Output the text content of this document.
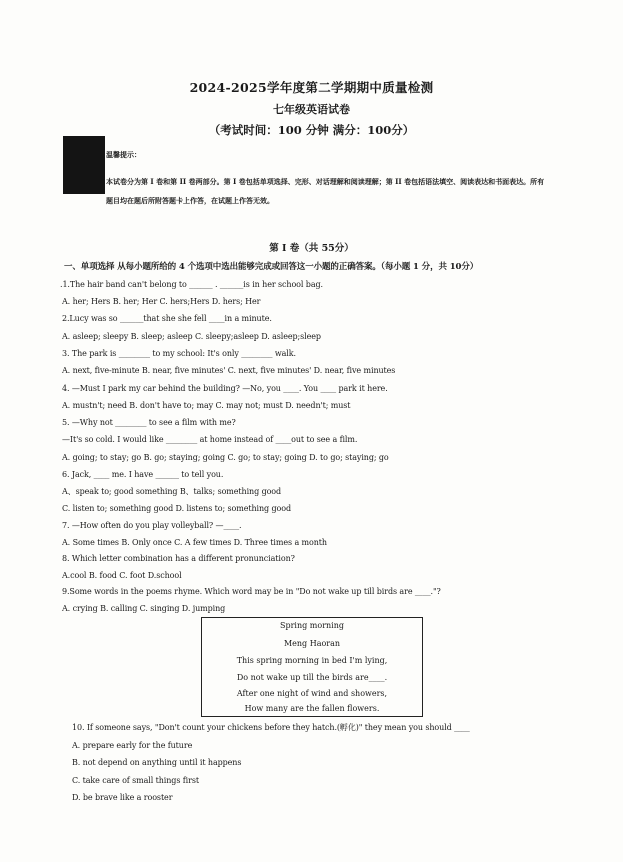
2024-2025学年度第二学期期中质量检测
七年级英语试卷
（考试时间：100 分钟 满分：100分）
温馨提示：
本试卷分为第 I 卷和第 II 卷两部分。第 I 卷包括单项选择、完形、对话理解和阅读理解；第 II 卷包括语法填空、阅读表达和书面表达。所有题目均在题后所附答题卡上作答，在试题上作答无效。
第 I 卷（共 55分）
一、单项选择 从每小题所给的 4 个选项中选出能够完成或回答这一小题的正确答案。（每小题 1 分，共 10分）
.1.The hair band can't belong to ______ . ______is in her school bag.
A. her; Hers B. her; Her C. hers;Hers D. hers; Her
2.Lucy was so ______that she she fell ____in a minute.
A. asleep; sleepy B. sleep; asleep C. sleepy;asleep D. asleep;sleep
3. The park is ________ to my school: It's only ________ walk.
A. next, five-minute B. near, five minutes' C. next, five minutes' D. near, five minutes
4. —Must I park my car behind the building? —No, you ____. You ____ park it here.
A. mustn't; need B. don't have to; may C. may not; must D. needn't; must
5. —Why not ________ to see a film with me?
—It's so cold. I would like ________ at home instead of ____out to see a film.
A. going; to stay; go B. go; staying; going C. go; to stay; going D. to go; staying; go
6. Jack, ____ me. I have ______ to tell you.
A、speak to; good something B、talks; something good
C. listen to; something good D. listens to; something good
7. —How often do you play volleyball? —____.
A. Some times B. Only once C. A few times D. Three times a month
8. Which letter combination has a different pronunciation?
A.cool B. food C. foot D.school
9.Some words in the poems rhyme. Which word may be in "Do not wake up till birds are ____."?
A. crying B. calling C. singing D. jumping
10. If someone says, "Don't count your chickens before they hatch.(孵化)" they mean you should ____
A. prepare early for the future
B. not depend on anything until it happens
C. take care of small things first
D. be brave like a rooster
Spring morning
Meng Haoran
This spring morning in bed I'm lying,
Do not wake up till the birds are____.
After one night of wind and showers,
How many are the fallen flowers.
